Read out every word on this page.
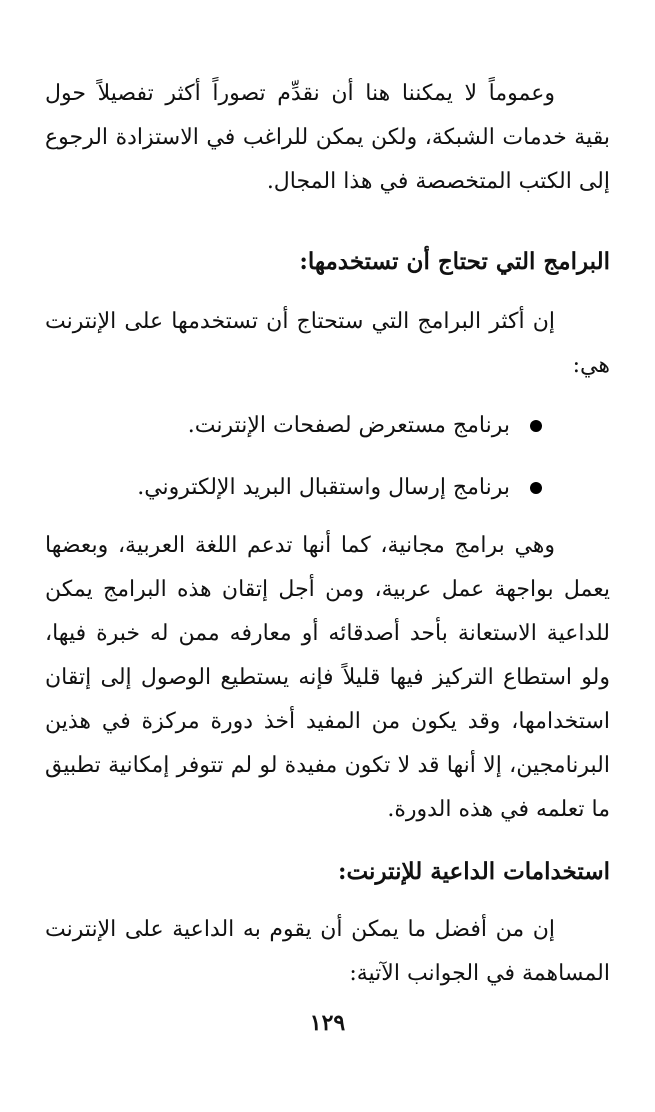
وعموماً لا يمكننا هنا أن نقدِّم تصوراً أكثر تفصيلاً حول بقية خدمات الشبكة، ولكن يمكن للراغب في الاستزادة الرجوع إلى الكتب المتخصصة في هذا المجال.

البرامج التي تحتاج أن تستخدمها:

إن أكثر البرامج التي ستحتاج أن تستخدمها على الإنترنت هي:

برنامج مستعرض لصفحات الإنترنت.
برنامج إرسال واستقبال البريد الإلكتروني.

وهي برامج مجانية، كما أنها تدعم اللغة العربية، وبعضها يعمل بواجهة عمل عربية، ومن أجل إتقان هذه البرامج يمكن للداعية الاستعانة بأحد أصدقائه أو معارفه ممن له خبرة فيها، ولو استطاع التركيز فيها قليلاً فإنه يستطيع الوصول إلى إتقان استخدامها، وقد يكون من المفيد أخذ دورة مركزة في هذين البرنامجين، إلا أنها قد لا تكون مفيدة لو لم تتوفر إمكانية تطبيق ما تعلمه في هذه الدورة.

استخدامات الداعية للإنترنت:

إن من أفضل ما يمكن أن يقوم به الداعية على الإنترنت المساهمة في الجوانب الآتية:

١٢٩
